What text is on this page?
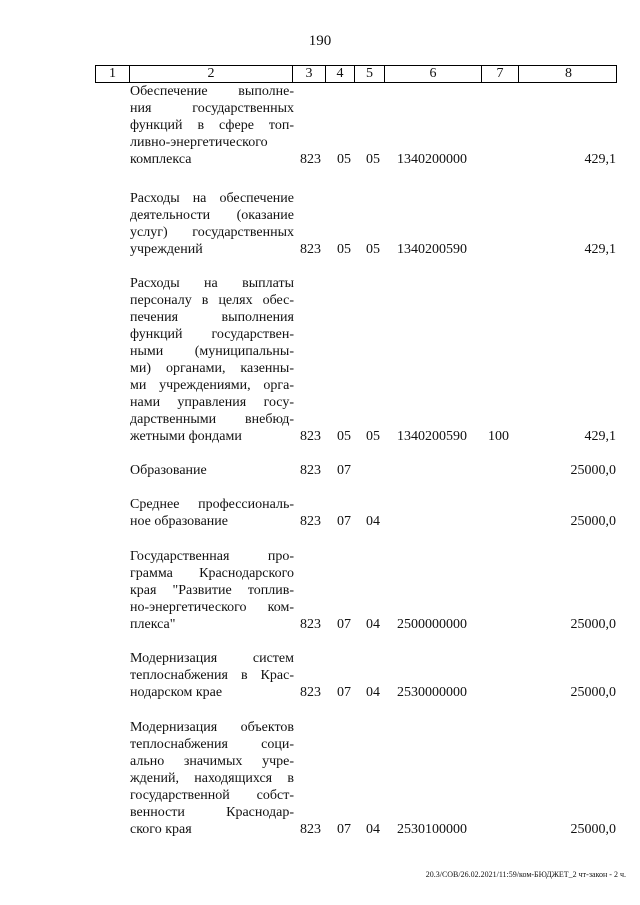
190
1	2	3	4	5	6	7	8
Обеспечение выполне-
ния государственных
функций в сфере топ-
ливно-энергетического
комплекса	823 05 05 1340200000	429,1
Расходы на обеспечение
деятельности (оказание
услуг) государственных
учреждений	823 05 05 1340200590	429,1
Расходы на выплаты
персоналу в целях обес-
печения выполнения
функций государствен-
ными (муниципальны-
ми) органами, казенны-
ми учреждениями, орга-
нами управления госу-
дарственными внебюд-
жетными фондами	823 05 05 1340200590 100	429,1
Образование	823 07	25000,0
Среднее профессиональ-
ное образование	823 07 04	25000,0
Государственная про-
грамма Краснодарского
края "Развитие топлив-
но-энергетического ком-
плекса"	823 07 04 2500000000	25000,0
Модернизация систем
теплоснабжения в Крас-
нодарском крае	823 07 04 2530000000	25000,0
Модернизация объектов
теплоснабжения соци-
ально значимых учре-
ждений, находящихся в
государственной собст-
венности Краснодар-
ского края	823 07 04 2530100000	25000,0
20.3/СОВ/26.02.2021/11:59/ком-БЮДЖЕТ_2 чт-закон - 2 ч.
